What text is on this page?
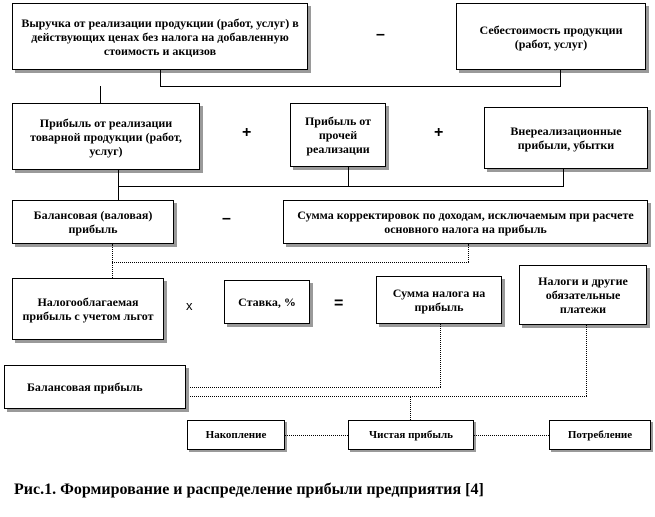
Выручка от реализации продукции (работ, услуг) в действующих ценах без налога на добавленную стоимость и акцизов
–	Себестоимость продукции (работ, услуг)
Прибыль от реализации товарной продукции (работ, услуг)
+
Прибыль от прочей реализации
+	Внереализационные прибыли, убытки
Балансовая (валовая) прибыль
–	Сумма корректировок по доходам, исключаемым при расчете основного налога на прибыль
Налогооблагаемая прибыль с учетом льгот
x	Ставка, %	=
Сумма налога на прибыль
Налоги и другие обязательные платежи
Балансовая прибыль
Накопление	Чистая прибыль	Потребление
Рис.1. Формирование и распределение прибыли предприятия [4]
